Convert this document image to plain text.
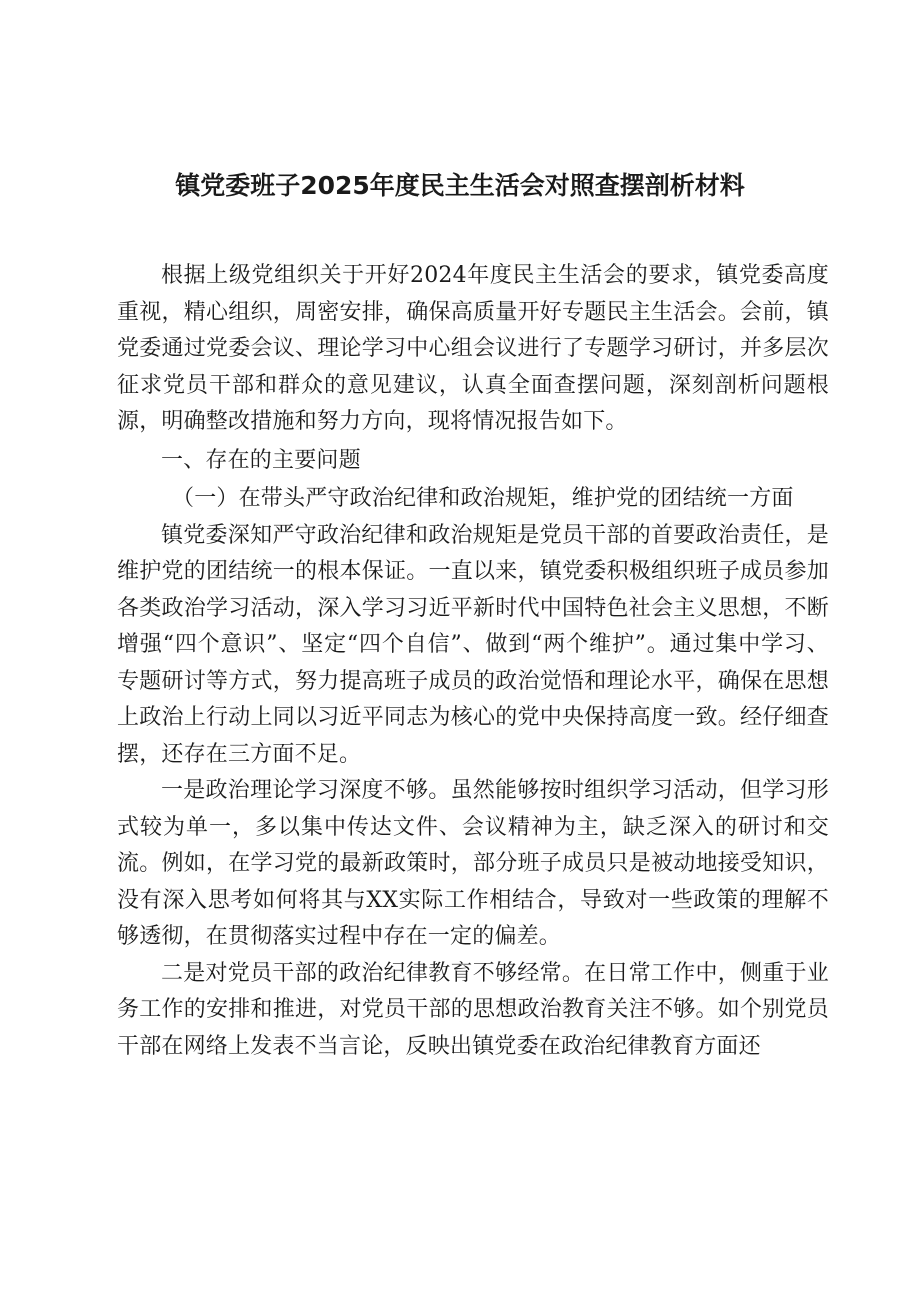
镇党委班子2025年度民主生活会对照查摆剖析材料

根据上级党组织关于开好2024年度民主生活会的要求，镇党委高度重视，精心组织，周密安排，确保高质量开好专题民主生活会。会前，镇党委通过党委会议、理论学习中心组会议进行了专题学习研讨，并多层次征求党员干部和群众的意见建议，认真全面查摆问题，深刻剖析问题根源，明确整改措施和努力方向，现将情况报告如下。

一、存在的主要问题

（一）在带头严守政治纪律和政治规矩，维护党的团结统一方面

镇党委深知严守政治纪律和政治规矩是党员干部的首要政治责任，是维护党的团结统一的根本保证。一直以来，镇党委积极组织班子成员参加各类政治学习活动，深入学习习近平新时代中国特色社会主义思想，不断增强“四个意识”、坚定“四个自信”、做到“两个维护”。通过集中学习、专题研讨等方式，努力提高班子成员的政治觉悟和理论水平，确保在思想上政治上行动上同以习近平同志为核心的党中央保持高度一致。经仔细查摆，还存在三方面不足。

一是政治理论学习深度不够。虽然能够按时组织学习活动，但学习形式较为单一，多以集中传达文件、会议精神为主，缺乏深入的研讨和交流。例如，在学习党的最新政策时，部分班子成员只是被动地接受知识，没有深入思考如何将其与XX实际工作相结合，导致对一些政策的理解不够透彻，在贯彻落实过程中存在一定的偏差。

二是对党员干部的政治纪律教育不够经常。在日常工作中，侧重于业务工作的安排和推进，对党员干部的思想政治教育关注不够。如个别党员干部在网络上发表不当言论，反映出镇党委在政治纪律教育方面还
